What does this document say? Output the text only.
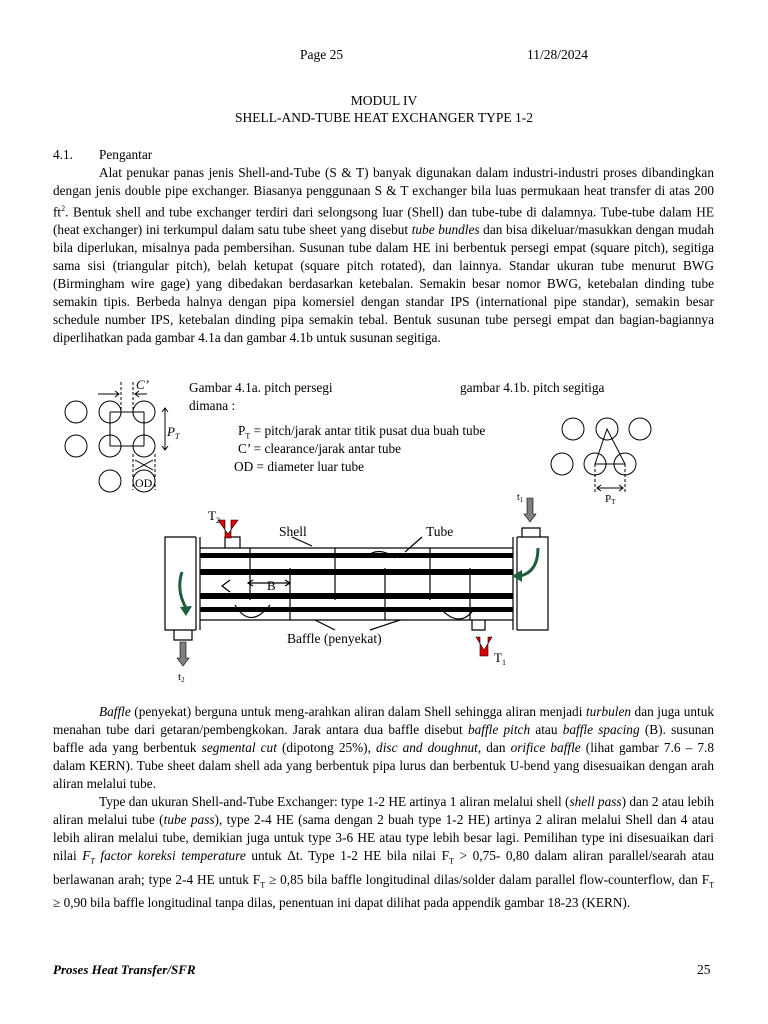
Page 25	11/28/2024
MODUL IV
SHELL-AND-TUBE HEAT EXCHANGER TYPE 1-2
4.1. Pengantar

Alat penukar panas jenis Shell-and-Tube (S & T) banyak digunakan dalam industri-industri proses dibandingkan dengan jenis double pipe exchanger. Biasanya penggunaan S & T exchanger bila luas permukaan heat transfer di atas 200 $ft^2$. Bentuk shell and tube exchanger terdiri dari selongsong luar (Shell) dan tube-tube di dalamnya. Tube-tube dalam HE (heat exchanger) ini terkumpul dalam satu tube sheet yang disebut tube bundles dan bisa dikeluar/masukkan dengan mudah bila diperlukan, misalnya pada pembersihan. Susunan tube dalam HE ini berbentuk persegi empat (square pitch), segitiga sama sisi (triangular pitch), belah ketupat (square pitch rotated), dan lainnya. Standar ukuran tube menurut BWG (Birmingham wire gage) yang dibedakan berdasarkan ketebalan. Semakin besar nomor BWG, ketebalan dinding tube semakin tipis. Berbeda halnya dengan pipa komersiel dengan standar IPS (international pipe standar), semakin besar schedule number IPS, ketebalan dinding pipa semakin tebal. Bentuk susunan tube persegi empat dan bagian-bagiannya diperlihatkan pada gambar 4.1a dan gambar 4.1b untuk susunan segitiga.

Gambar 4.1a. pitch persegi
dimana :
gambar 4.1b. pitch segitiga
$P_T$ = pitch/jarak antar titik pusat dua buah tube
C’ = clearance/jarak antar tube
OD = diameter luar tube
C’
$P_T$
OD
PT
$T_2$
Shell	Tube
$t_1$
B
Baffle (penyekat)
$T_1$
t2

Baffle (penyekat) berguna untuk meng-arahkan aliran dalam Shell sehingga aliran menjadi turbulen dan juga untuk menahan tube dari getaran/pembengkokan. Jarak antara dua baffle disebut baffle pitch atau baffle spacing (B). susunan baffle ada yang berbentuk segmental cut (dipotong 25%), disc and doughnut, dan orifice baffle (lihat gambar 7.6 – 7.8 dalam KERN). Tube sheet dalam shell ada yang berbentuk pipa lurus dan berbentuk U-bend yang disesuaikan dengan arah aliran melalui tube.

Type dan ukuran Shell-and-Tube Exchanger: type 1-2 HE artinya 1 aliran melalui shell (shell pass) dan 2 atau lebih aliran melalui tube (tube pass), type 2-4 HE (sama dengan 2 buah type 1-2 HE) artinya 2 aliran melalui Shell dan 4 atau lebih aliran melalui tube, demikian juga untuk type 3-6 HE atau type lebih besar lagi. Pemilihan type ini disesuaikan dari nilai $F_T$ factor koreksi temperature untuk Δt. Type 1-2 HE bila nilai $F_T > 0,75-$ 0,80 dalam aliran parallel/searah atau berlawanan arah; type 2-4 HE untuk $F_T \ge 0,85$ bila baffle longitudinal dilas/solder dalam parallel flow-counterflow, dan $F_T \ge 0,90$ bila baffle longitudinal tanpa dilas, penentuan ini dapat dilihat pada appendik gambar 18-23 (KERN).

Proses Heat Transfer/SFR	25
